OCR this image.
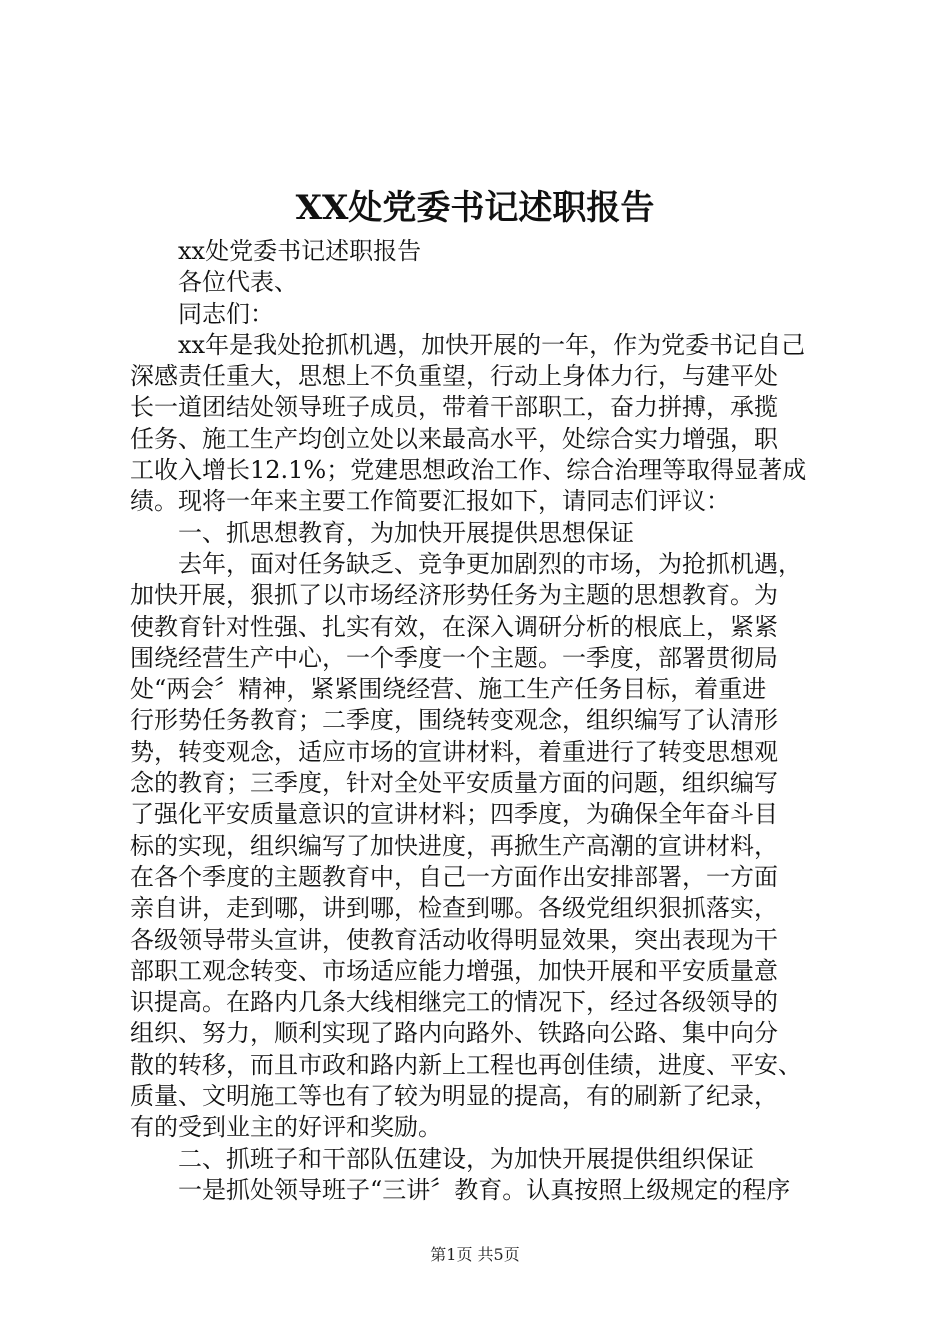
XX处党委书记述职报告
xx处党委书记述职报告
各位代表、
同志们：
xx年是我处抢抓机遇，加快开展的一年，作为党委书记自己
深感责任重大，思想上不负重望，行动上身体力行，与建平处
长一道团结处领导班子成员，带着干部职工，奋力拼搏，承揽
任务、施工生产均创立处以来最高水平，处综合实力增强，职
工收入增长12.1%；党建思想政治工作、综合治理等取得显著成
绩。现将一年来主要工作简要汇报如下，请同志们评议：
一、抓思想教育，为加快开展提供思想保证
去年，面对任务缺乏、竞争更加剧烈的市场，为抢抓机遇，
加快开展，狠抓了以市场经济形势任务为主题的思想教育。为
使教育针对性强、扎实有效，在深入调研分析的根底上，紧紧
围绕经营生产中心，一个季度一个主题。一季度，部署贯彻局
处“两会〞精神，紧紧围绕经营、施工生产任务目标，着重进
行形势任务教育；二季度，围绕转变观念，组织编写了认清形
势，转变观念，适应市场的宣讲材料，着重进行了转变思想观
念的教育；三季度，针对全处平安质量方面的问题，组织编写
了强化平安质量意识的宣讲材料；四季度，为确保全年奋斗目
标的实现，组织编写了加快进度，再掀生产高潮的宣讲材料，
在各个季度的主题教育中，自己一方面作出安排部署，一方面
亲自讲，走到哪，讲到哪，检查到哪。各级党组织狠抓落实，
各级领导带头宣讲，使教育活动收得明显效果，突出表现为干
部职工观念转变、市场适应能力增强，加快开展和平安质量意
识提高。在路内几条大线相继完工的情况下，经过各级领导的
组织、努力，顺利实现了路内向路外、铁路向公路、集中向分
散的转移，而且市政和路内新上工程也再创佳绩，进度、平安、
质量、文明施工等也有了较为明显的提高，有的刷新了纪录，
有的受到业主的好评和奖励。
二、抓班子和干部队伍建设，为加快开展提供组织保证
一是抓处领导班子“三讲〞教育。认真按照上级规定的程序
第1页 共5页
